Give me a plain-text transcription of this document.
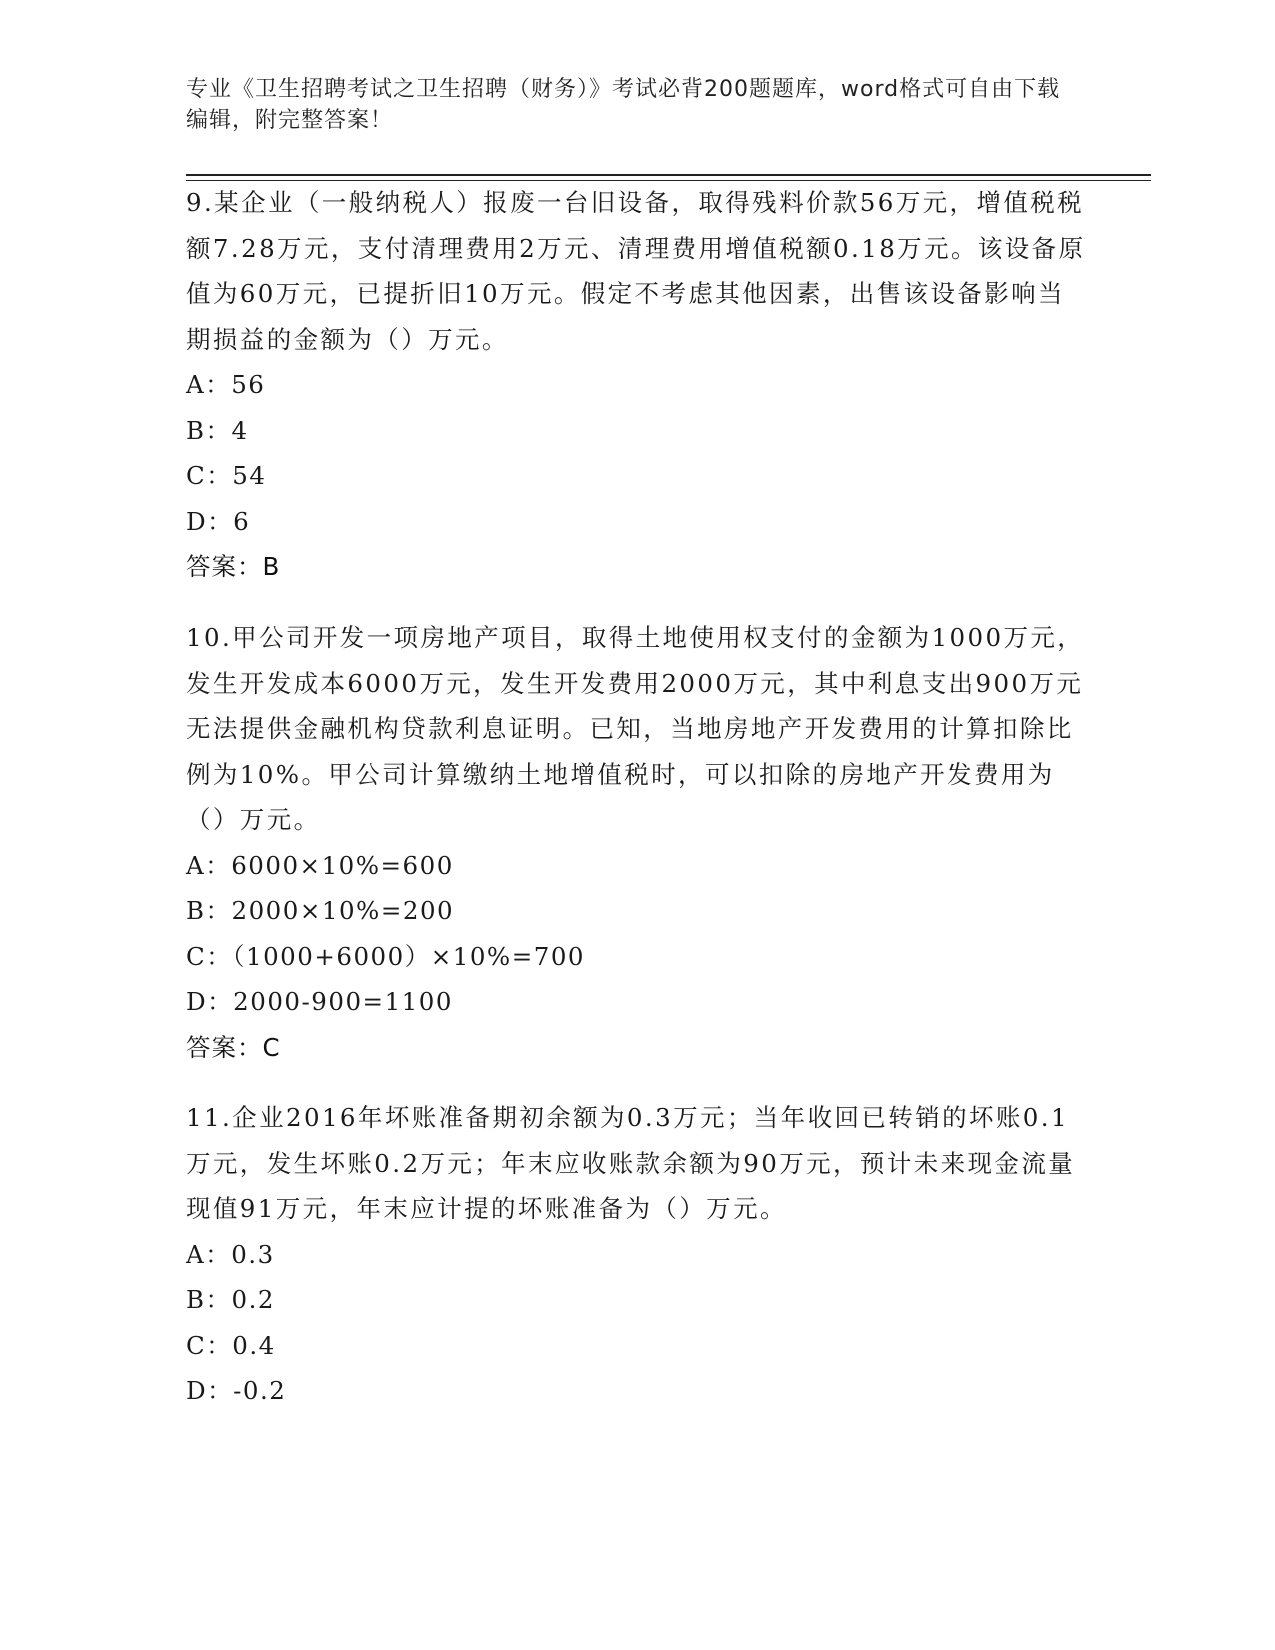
专业《卫生招聘考试之卫生招聘（财务）》考试必背200题题库，word格式可自由下载编辑，附完整答案！

9.某企业（一般纳税人）报废一台旧设备，取得残料价款56万元，增值税税额7.28万元，支付清理费用2万元、清理费用增值税额0.18万元。该设备原值为60万元，已提折旧10万元。假定不考虑其他因素，出售该设备影响当期损益的金额为（）万元。

A：56

B：4

C：54

D：6

答案：B

10.甲公司开发一项房地产项目，取得土地使用权支付的金额为1000万元，发生开发成本6000万元，发生开发费用2000万元，其中利息支出900万元无法提供金融机构贷款利息证明。已知，当地房地产开发费用的计算扣除比例为10%。甲公司计算缴纳土地增值税时，可以扣除的房地产开发费用为（）万元。

A：6000×10%=600

B：2000×10%=200

C：（1000+6000）×10%=700

D：2000-900=1100

答案：C

11.企业2016年坏账准备期初余额为0.3万元；当年收回已转销的坏账0.1万元，发生坏账0.2万元；年末应收账款余额为90万元，预计未来现金流量现值91万元，年末应计提的坏账准备为（）万元。

A：0.3

B：0.2

C：0.4

D：-0.2
